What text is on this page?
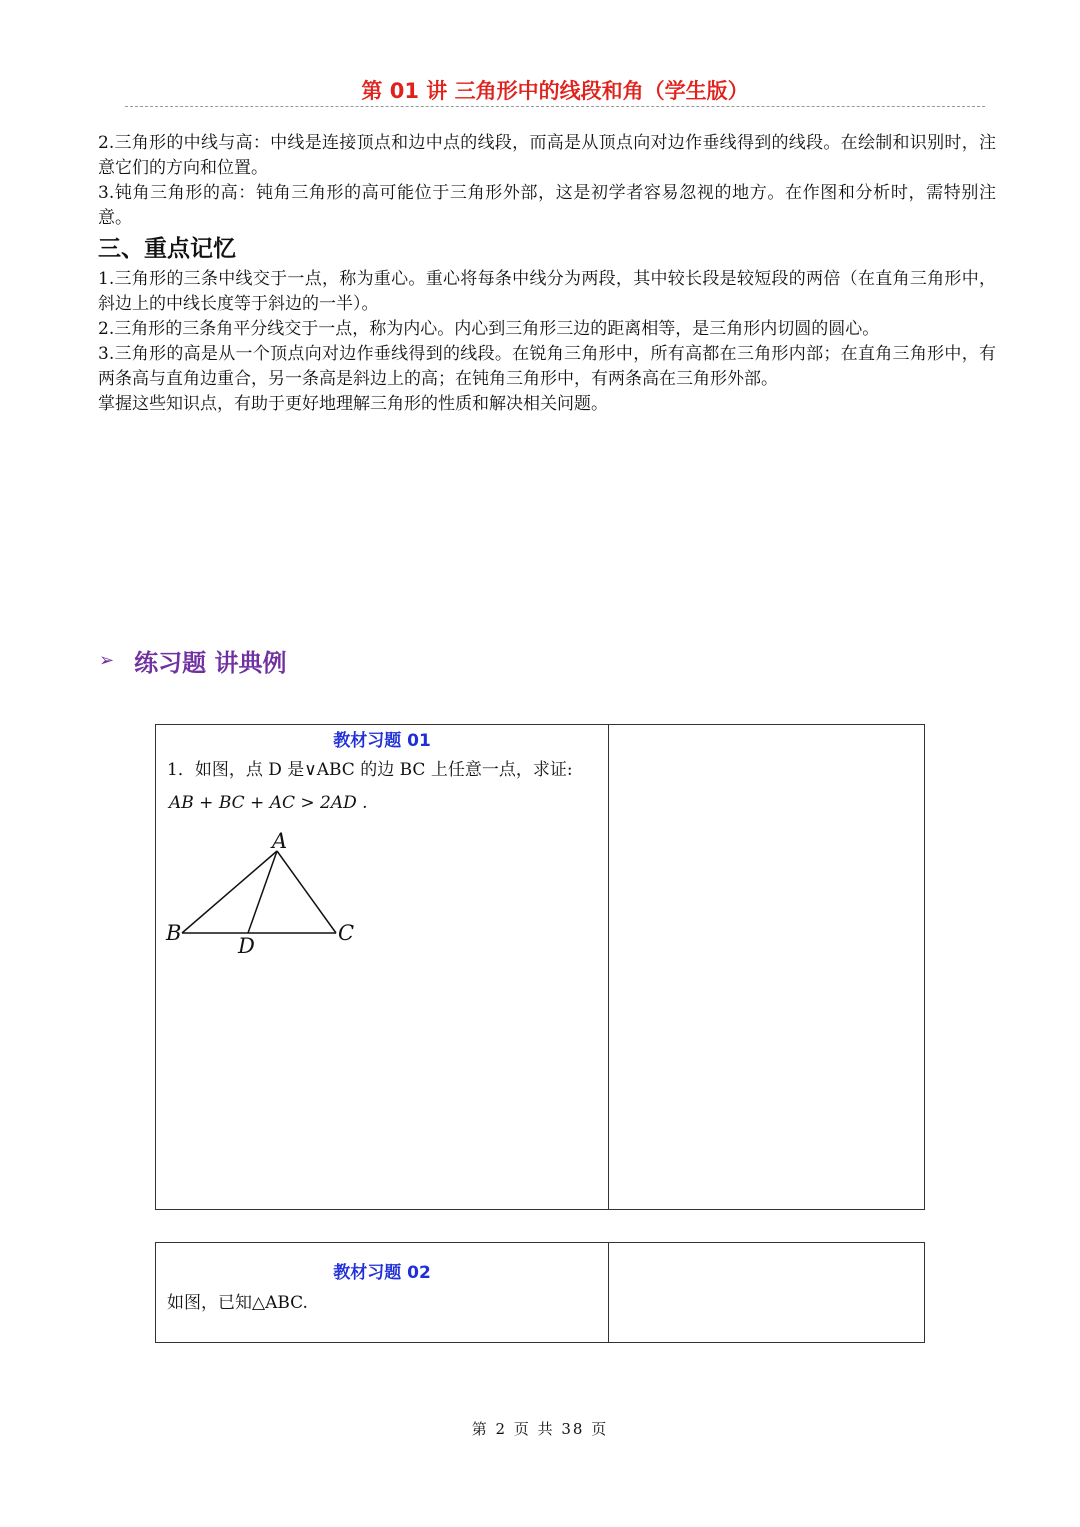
第 01 讲 三角形中的线段和角（学生版）

2.三角形的中线与高：中线是连接顶点和边中点的线段，而高是从顶点向对边作垂线得到的线段。在绘制和识别时，注意它们的方向和位置。

3.钝角三角形的高：钝角三角形的高可能位于三角形外部，这是初学者容易忽视的地方。在作图和分析时，需特别注意。

三、重点记忆

1.三角形的三条中线交于一点，称为重心。重心将每条中线分为两段，其中较长段是较短段的两倍（在直角三角形中，斜边上的中线长度等于斜边的一半）。

2.三角形的三条角平分线交于一点，称为内心。内心到三角形三边的距离相等，是三角形内切圆的圆心。

3.三角形的高是从一个顶点向对边作垂线得到的线段。在锐角三角形中，所有高都在三角形内部；在直角三角形中，有两条高与直角边重合，另一条高是斜边上的高；在钝角三角形中，有两条高在三角形外部。

掌握这些知识点，有助于更好地理解三角形的性质和解决相关问题。

➢ 练习题 讲典例
教材习题 01
1．如图，点 D 是∨ABC 的边 BC 上任意一点，求证:
AB + BC + AC > 2AD .
A
B	C
D
教材习题 02
如图，已知△ABC.
第 2 页 共 38 页
